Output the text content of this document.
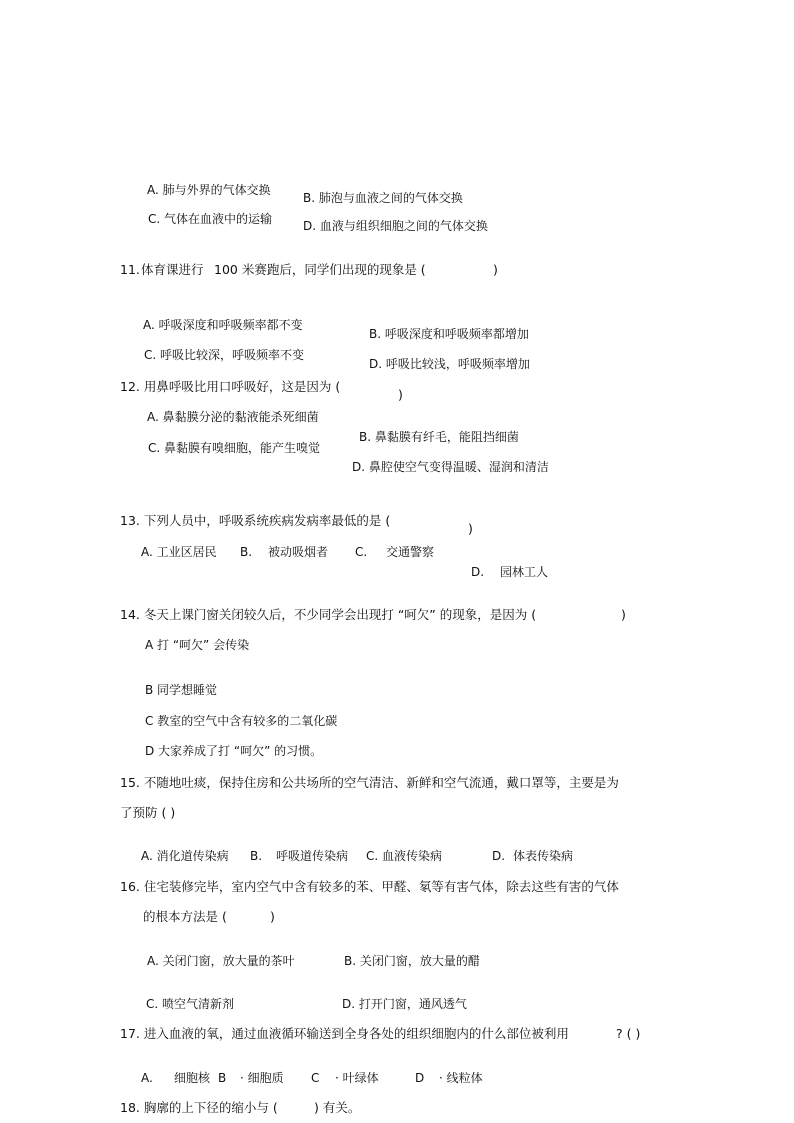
A. 肺与外界的气体交换
B. 肺泡与血液之间的气体交换
C. 气体在血液中的运输	D. 血液与组织细胞之间的气体交换
11. 体育课进行 100 米赛跑后，同学们出现的现象是 (	)
A. 呼吸深度和呼吸频率都不变
B. 呼吸深度和呼吸频率都增加
C. 呼吸比较深，呼吸频率不变
D. 呼吸比较浅，呼吸频率增加
12. 用鼻呼吸比用口呼吸好，这是因为 (
)
A. 鼻黏膜分泌的黏液能杀死细菌
B. 鼻黏膜有纤毛，能阻挡细菌
C. 鼻黏膜有嗅细胞，能产生嗅觉
D. 鼻腔使空气变得温暖、湿润和清洁
13. 下列人员中，呼吸系统疾病发病率最低的是 (
)
A. 工业区居民 B. 被动吸烟者 C. 交通警察
D. 园林工人
14. 冬天上课门窗关闭较久后，不少同学会出现打 “呵欠” 的现象，是因为 (	)
A 打 “呵欠” 会传染
B 同学想睡觉
C 教室的空气中含有较多的二氧化碳
D 大家养成了打 “呵欠” 的习惯。
15. 不随地吐痰，保持住房和公共场所的空气清洁、新鲜和空气流通，戴口罩等，主要是为
了预防 ( )
A. 消化道传染病 B. 呼吸道传染病 C. 血液传染病	D. 体表传染病
16. 住宅装修完毕，室内空气中含有较多的苯、甲醛、氡等有害气体，除去这些有害的气体
的根本方法是 (	)
A. 关闭门窗，放大量的茶叶	B. 关闭门窗，放大量的醋
C. 喷空气清新剂	D. 打开门窗，通风透气
17. 进入血液的氧，通过血液循环输送到全身各处的组织细胞内的什么部位被利用	? ( )
A. 细胞核 B · 细胞质 C · 叶绿体	D · 线粒体
18. 胸廓的上下径的缩小与 (	) 有关。
